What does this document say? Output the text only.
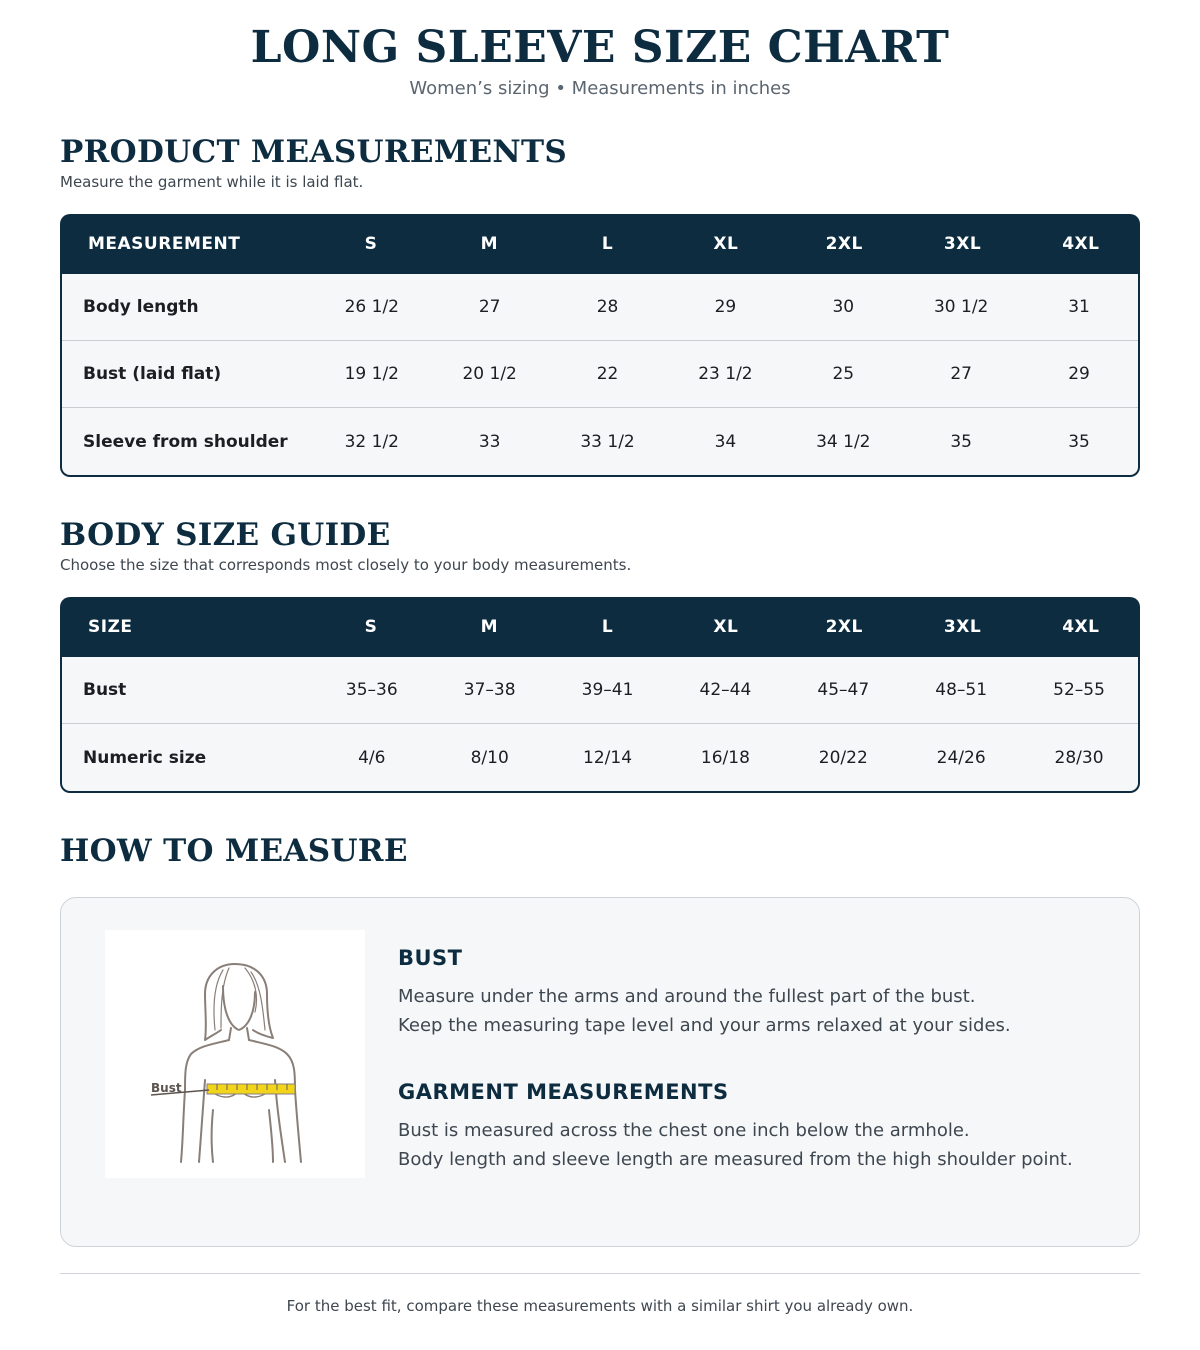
LONG SLEEVE SIZE CHART
Women’s sizing • Measurements in inches
PRODUCT MEASUREMENTS
Measure the garment while it is laid flat.
MEASUREMENT	S	M	L	XL	2XL	3XL	4XL
Body length	26 1/2	27	28	29	30	30 1/2	31
Bust (laid flat)	19 1/2	20 1/2	22	23 1/2	25	27	29
Sleeve from shoulder	32 1/2	33	33 1/2	34	34 1/2	35	35
BODY SIZE GUIDE
Choose the size that corresponds most closely to your body measurements.
SIZE	S	M	L	XL	2XL	3XL	4XL
Bust	35–36	37–38	39–41	42–44	45–47	48–51	52–55
Numeric size	4/6	8/10	12/14	16/18	20/22	24/26	28/30
HOW TO MEASURE
Bust
BUST
Measure under the arms and around the fullest part of the bust.
Keep the measuring tape level and your arms relaxed at your sides.
GARMENT MEASUREMENTS
Bust is measured across the chest one inch below the armhole.
Body length and sleeve length are measured from the high shoulder point.
For the best fit, compare these measurements with a similar shirt you already own.
